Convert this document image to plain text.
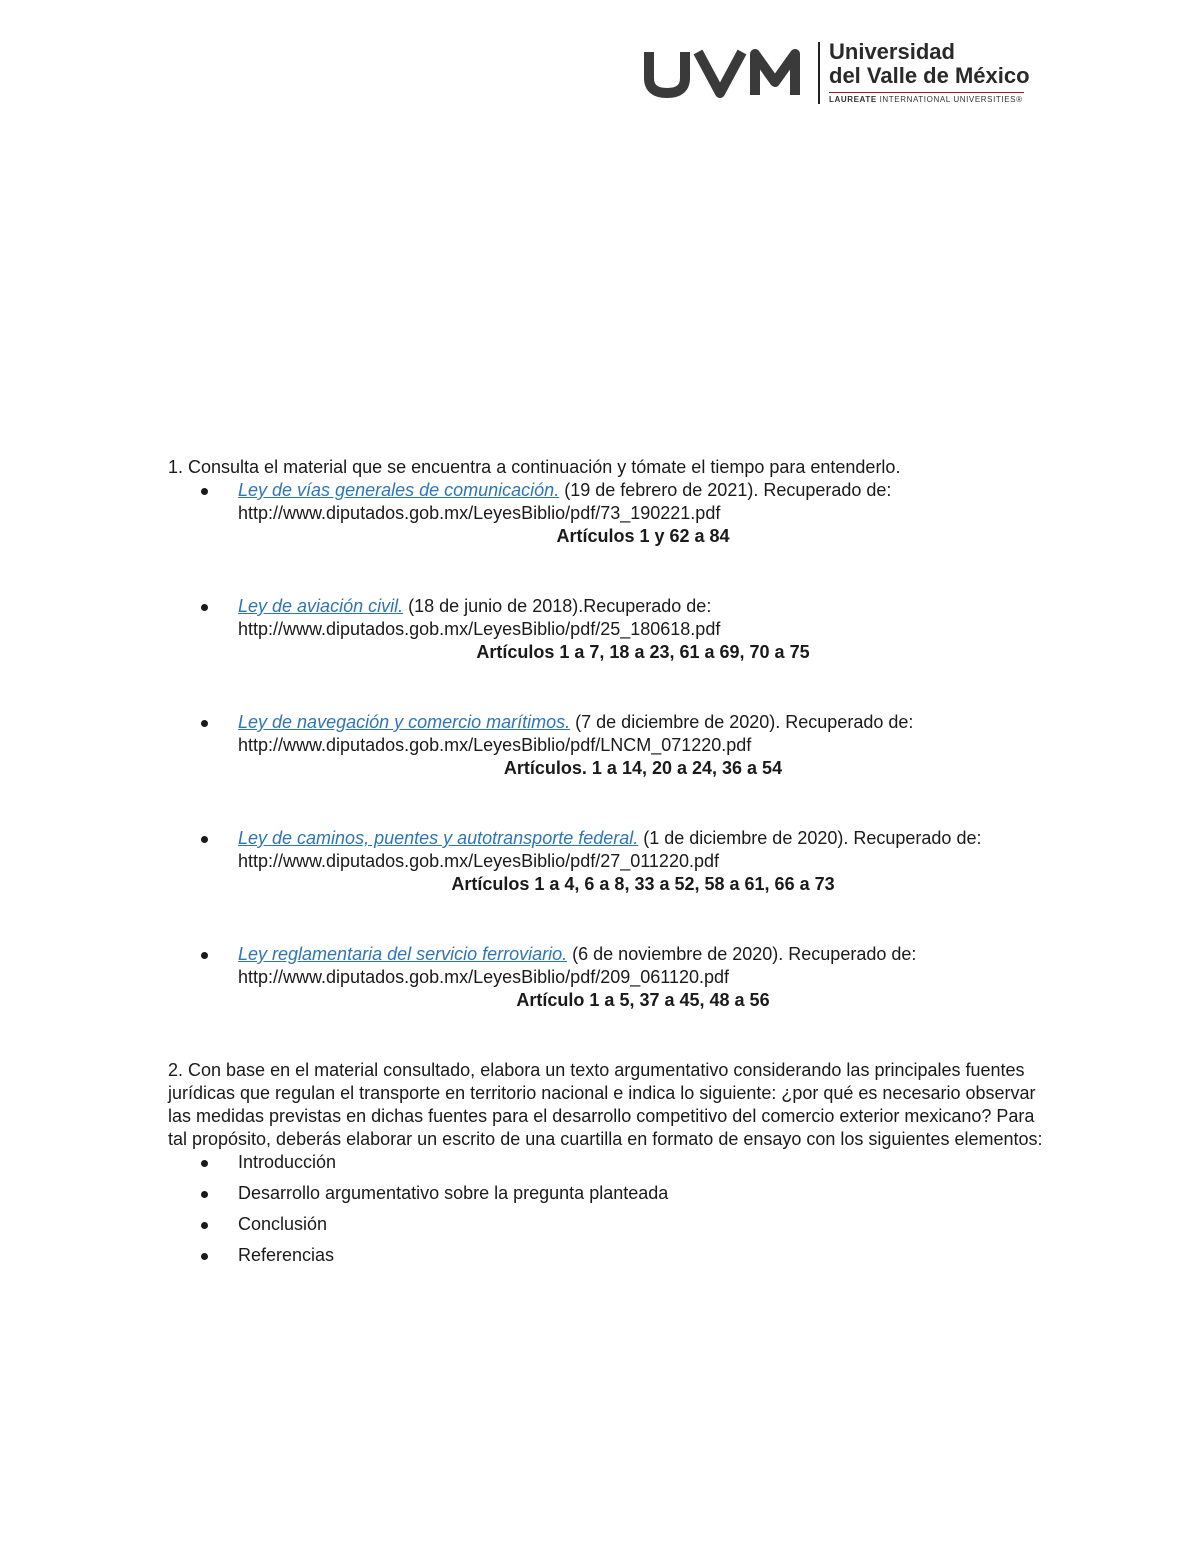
Universidad
del Valle de México
LAUREATE INTERNATIONAL UNIVERSITIES®

1. Consulta el material que se encuentra a continuación y tómate el tiempo para entenderlo.

Ley de vías generales de comunicación. (19 de febrero de 2021). Recuperado de:
http://www.diputados.gob.mx/LeyesBiblio/pdf/73_190221.pdf
Artículos 1 y 62 a 84
Ley de aviación civil. (18 de junio de 2018).Recuperado de:
http://www.diputados.gob.mx/LeyesBiblio/pdf/25_180618.pdf
Artículos 1 a 7, 18 a 23, 61 a 69, 70 a 75
Ley de navegación y comercio marítimos. (7 de diciembre de 2020). Recuperado de:
http://www.diputados.gob.mx/LeyesBiblio/pdf/LNCM_071220.pdf
Artículos. 1 a 14, 20 a 24, 36 a 54
Ley de caminos, puentes y autotransporte federal. (1 de diciembre de 2020). Recuperado de: http://www.diputados.gob.mx/LeyesBiblio/pdf/27_011220.pdf
Artículos 1 a 4, 6 a 8, 33 a 52, 58 a 61, 66 a 73
Ley reglamentaria del servicio ferroviario. (6 de noviembre de 2020). Recuperado de:
http://www.diputados.gob.mx/LeyesBiblio/pdf/209_061120.pdf
Artículo 1 a 5, 37 a 45, 48 a 56

2. Con base en el material consultado, elabora un texto argumentativo considerando las principales fuentes jurídicas que regulan el transporte en territorio nacional e indica lo siguiente: ¿por qué es necesario observar las medidas previstas en dichas fuentes para el desarrollo competitivo del comercio exterior mexicano? Para tal propósito, deberás elaborar un escrito de una cuartilla en formato de ensayo con los siguientes elementos:

Introducción
Desarrollo argumentativo sobre la pregunta planteada
Conclusión
Referencias
